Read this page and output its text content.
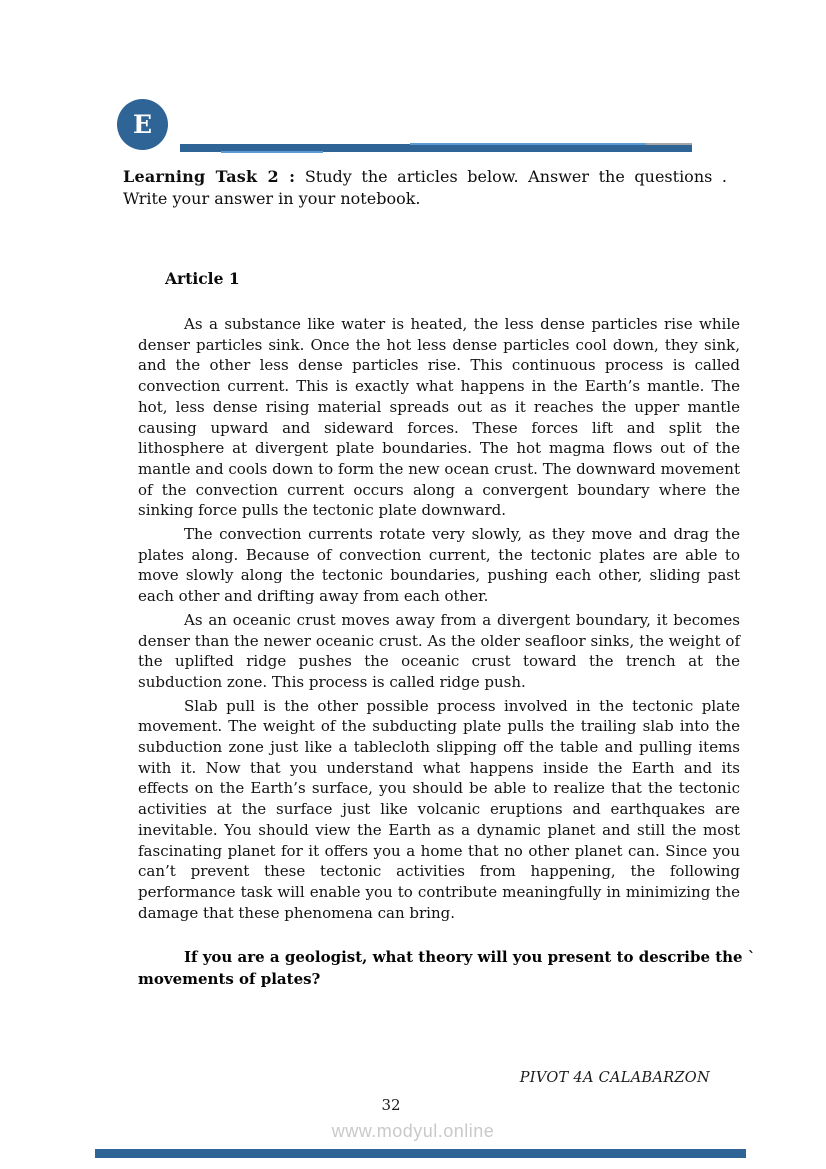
E

Learning Task 2 : Study the articles below. Answer the questions . Write your answer in your notebook.

Article 1

As a substance like water is heated, the less dense particles rise while denser particles sink. Once the hot less dense particles cool down, they sink, and the other less dense particles rise. This continuous process is called convection current. This is exactly what happens in the Earth’s mantle. The hot, less dense rising material spreads out as it reaches the upper mantle causing upward and sideward forces. These forces lift and split the lithosphere at divergent plate boundaries. The hot magma flows out of the mantle and cools down to form the new ocean crust. The downward movement of the convection current occurs along a convergent boundary where the sinking force pulls the tectonic plate downward.

The convection currents rotate very slowly, as they move and drag the plates along. Because of convection current, the tectonic plates are able to move slowly along the tectonic boundaries, pushing each other, sliding past each other and drifting away from each other.

As an oceanic crust moves away from a divergent boundary, it becomes denser than the newer oceanic crust. As the older seafloor sinks, the weight of the uplifted ridge pushes the oceanic crust toward the trench at the subduction zone. This process is called ridge push.

Slab pull is the other possible process involved in the tectonic plate movement. The weight of the subducting plate pulls the trailing slab into the subduction zone just like a tablecloth slipping off the table and pulling items with it. Now that you understand what happens inside the Earth and its effects on the Earth’s surface, you should be able to realize that the tectonic activities at the surface just like volcanic eruptions and earthquakes are inevitable. You should view the Earth as a dynamic planet and still the most fascinating planet for it offers you a home that no other planet can. Since you can’t prevent these tectonic activities from happening, the following performance task will enable you to contribute meaningfully in minimizing the damage that these phenomena can bring.

If you are a geologist, what theory will you present to describe the `
movements of plates?

PIVOT 4A CALABARZON

32

www.modyul.online
